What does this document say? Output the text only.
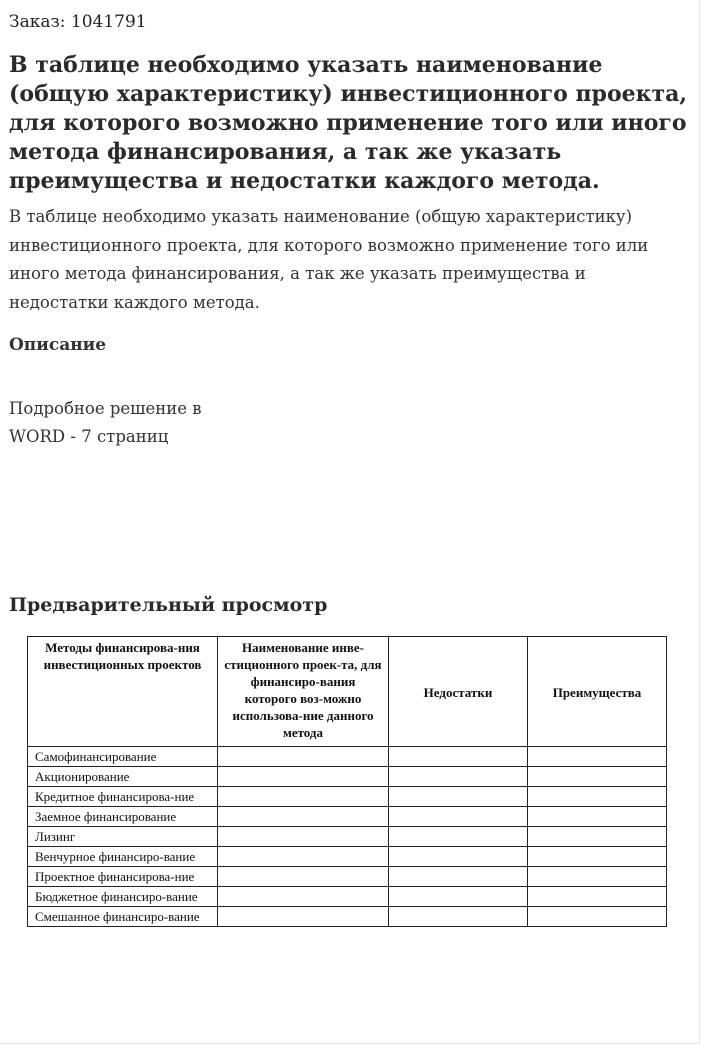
Заказ: 1041791
В таблице необходимо указать наименование (общую характеристику) инвестиционного проекта, для которого возможно применение того или иного метода финансирования, а так же указать преимущества и недостатки каждого метода.

В таблице необходимо указать наименование (общую характеристику) инвестиционного проекта, для которого возможно применение того или иного метода финансирования, а так же указать преимущества и недостатки каждого метода.

Описание
Подробное решение в
WORD - 7 страниц
Предварительный просмотр
Методы финансирова-ния инвестиционных проектов	Наименование инве-стиционного проек-та, для финансиро-вания которого воз-можно использова-ние данного метода	Недостатки	Преимущества
Самофинансирование			
Акционирование			
Кредитное финансирова-ние			
Заемное финансирование			
Лизинг			
Венчурное финансиро-вание			
Проектное финансирова-ние			
Бюджетное финансиро-вание			
Смешанное финансиро-вание			
